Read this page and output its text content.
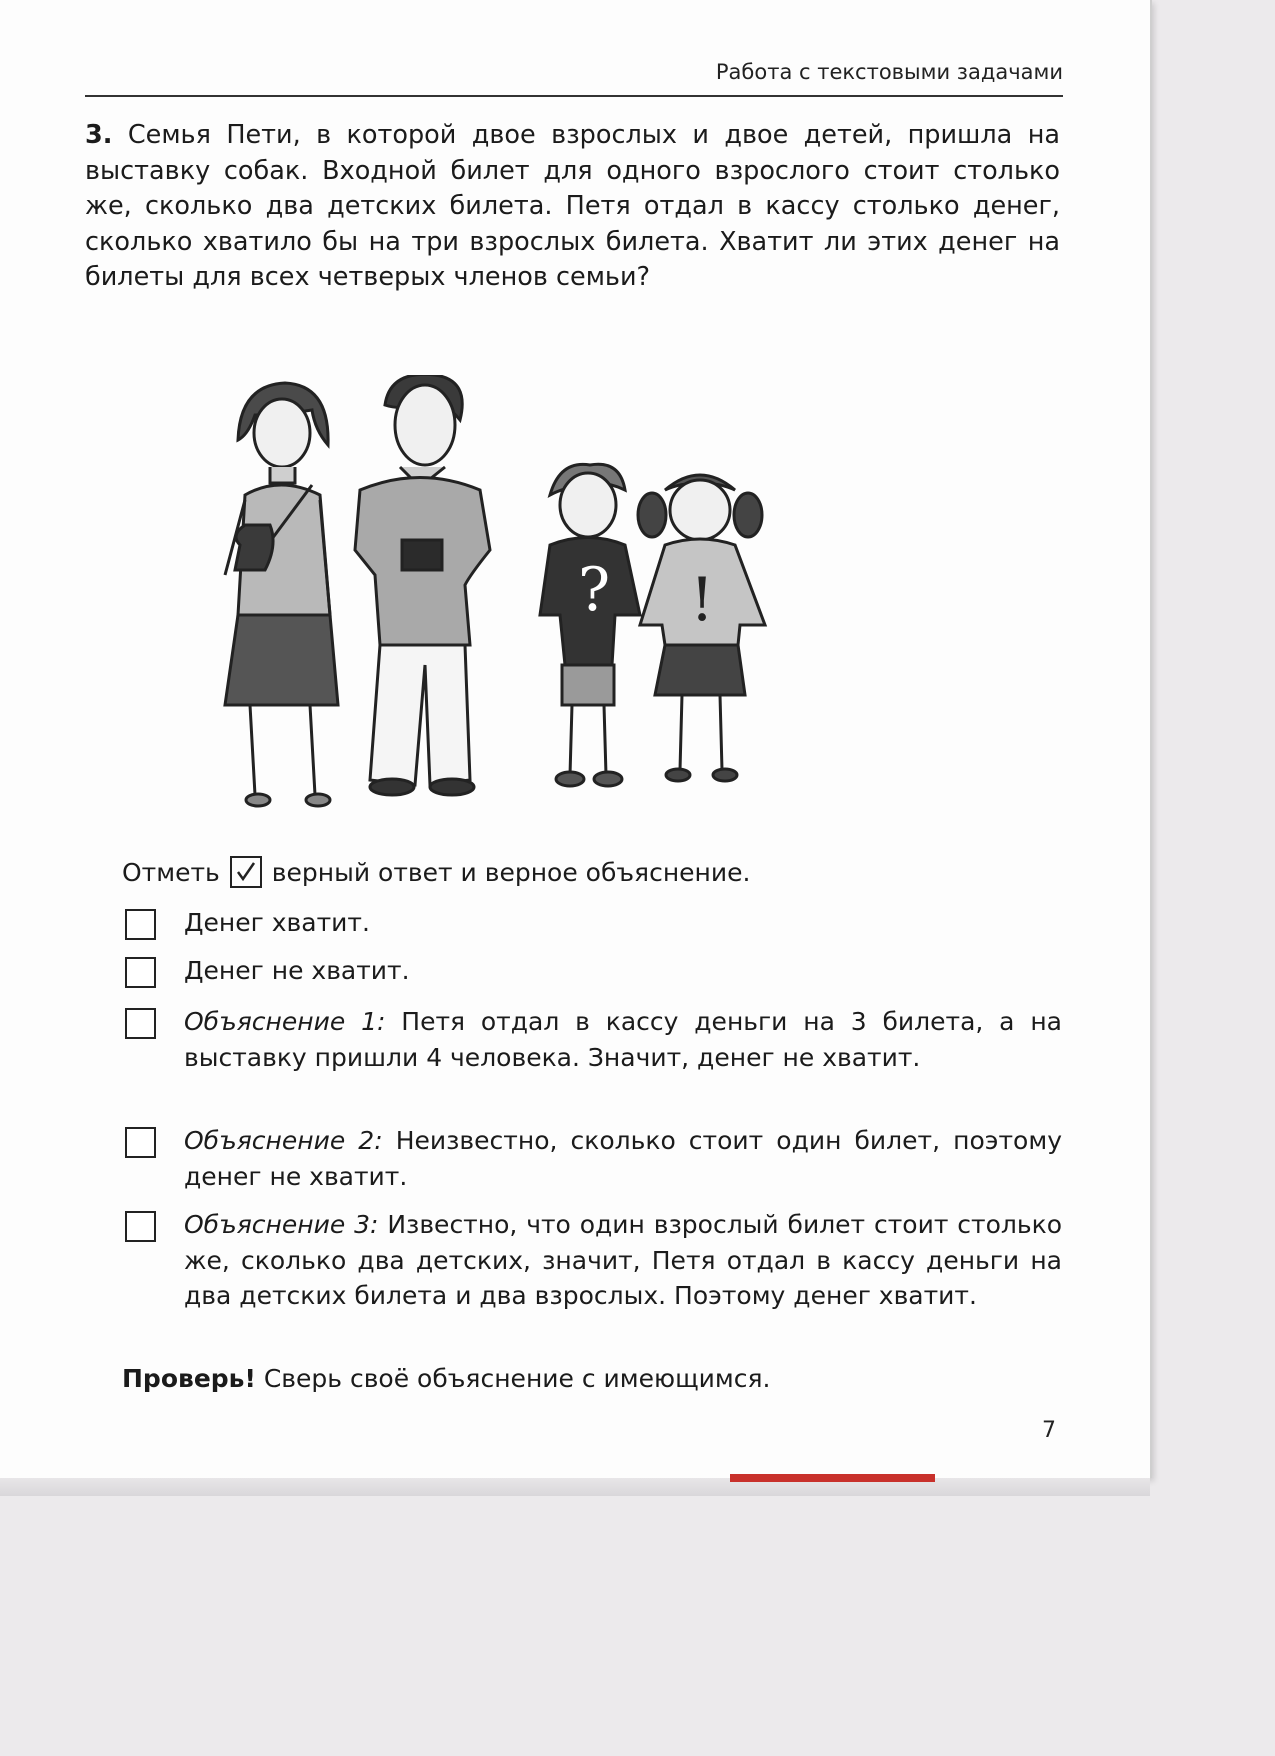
Работа с текстовыми задачами
3. Семья Пети, в которой двое взрослых и двое детей, пришла на выставку собак. Входной билет для одного взрослого стоит столько же, сколько два детских билета. Петя отдал в кассу столько денег, сколько хватило бы на три взрослых билета. Хватит ли этих денег на билеты для всех четверых членов семьи?
? !
Отметь верный ответ и верное объяснение.
Денег хватит.
Денег не хватит.
Объяснение 1: Петя отдал в кассу деньги на 3 билета, а на выставку пришли 4 человека. Значит, денег не хватит.
Объяснение 2: Неизвестно, сколько стоит один билет, поэтому денег не хватит.
Объяснение 3: Известно, что один взрослый билет стоит столько же, сколько два детских, значит, Петя отдал в кассу деньги на два детских билета и два взрослых. Поэтому денег хватит.
Проверь! Сверь своё объяснение с имеющимся.
7
